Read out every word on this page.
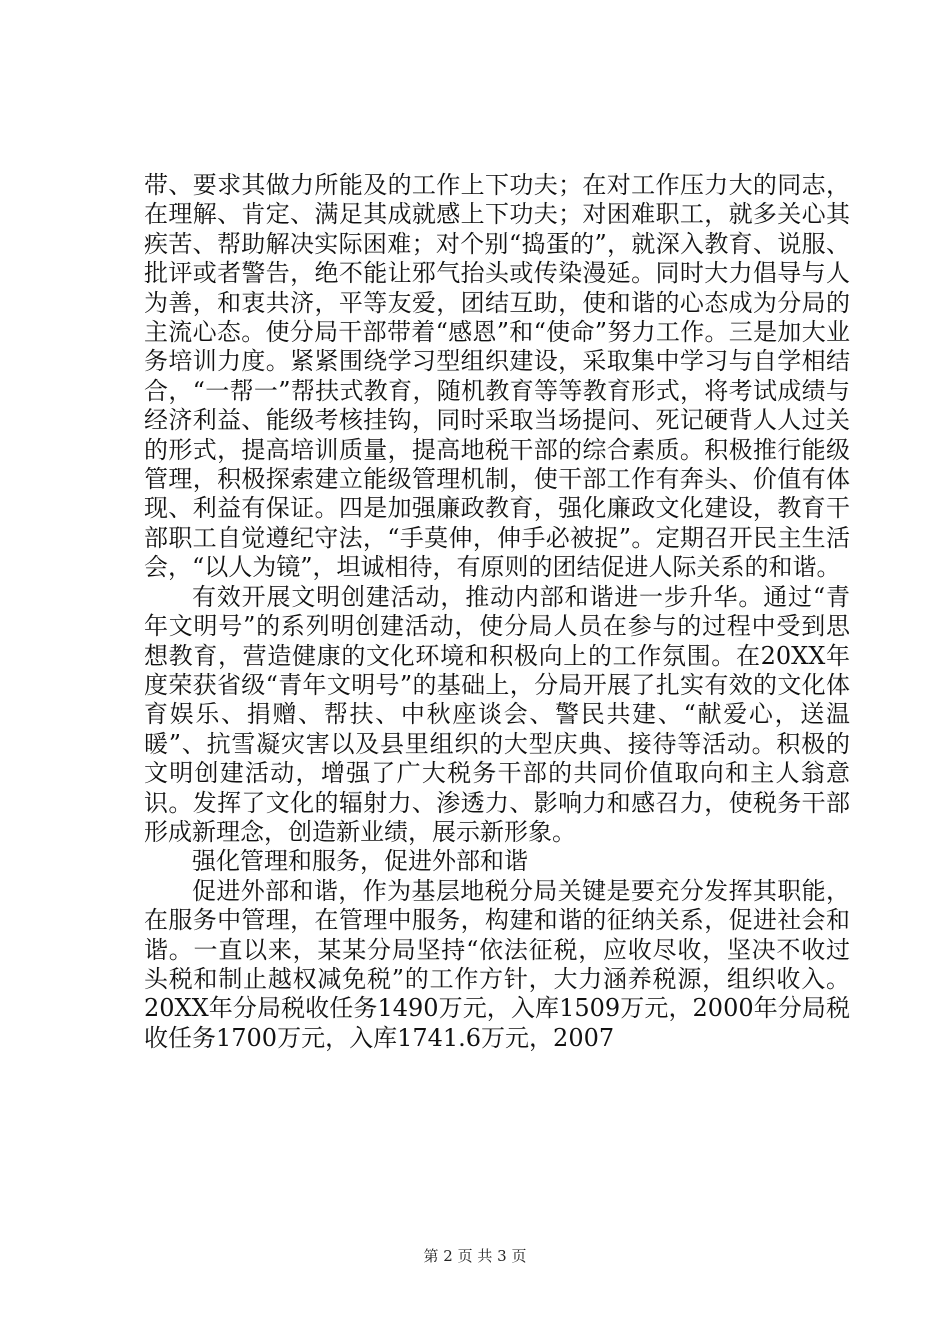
带、要求其做力所能及的工作上下功夫；在对工作压力大的同志，在理解、肯定、满足其成就感上下功夫；对困难职工，就多关心其疾苦、帮助解决实际困难；对个别“捣蛋的”，就深入教育、说服、批评或者警告，绝不能让邪气抬头或传染漫延。同时大力倡导与人为善，和衷共济，平等友爱，团结互助，使和谐的心态成为分局的主流心态。使分局干部带着“感恩”和“使命”努力工作。三是加大业务培训力度。紧紧围绕学习型组织建设，采取集中学习与自学相结合，“一帮一”帮扶式教育，随机教育等等教育形式，将考试成绩与经济利益、能级考核挂钩，同时采取当场提问、死记硬背人人过关的形式，提高培训质量，提高地税干部的综合素质。积极推行能级管理，积极探索建立能级管理机制，使干部工作有奔头、价值有体现、利益有保证。四是加强廉政教育，强化廉政文化建设，教育干部职工自觉遵纪守法，“手莫伸，伸手必被捉”。定期召开民主生活会，“以人为镜”，坦诚相待，有原则的团结促进人际关系的和谐。

有效开展文明创建活动，推动内部和谐进一步升华。通过“青年文明号”的系列明创建活动，使分局人员在参与的过程中受到思想教育，营造健康的文化环境和积极向上的工作氛围。在20XX年度荣获省级“青年文明号”的基础上，分局开展了扎实有效的文化体育娱乐、捐赠、帮扶、中秋座谈会、警民共建、“献爱心，送温暖”、抗雪凝灾害以及县里组织的大型庆典、接待等活动。积极的文明创建活动，增强了广大税务干部的共同价值取向和主人翁意识。发挥了文化的辐射力、渗透力、影响力和感召力，使税务干部形成新理念，创造新业绩，展示新形象。

强化管理和服务，促进外部和谐

促进外部和谐，作为基层地税分局关键是要充分发挥其职能，在服务中管理，在管理中服务，构建和谐的征纳关系，促进社会和谐。一直以来，某某分局坚持“依法征税，应收尽收，坚决不收过头税和制止越权减免税”的工作方针，大力涵养税源，组织收入。20XX年分局税收任务1490万元，入库1509万元，2000年分局税收任务1700万元，入库1741.6万元，2007

第 2 页 共 3 页
